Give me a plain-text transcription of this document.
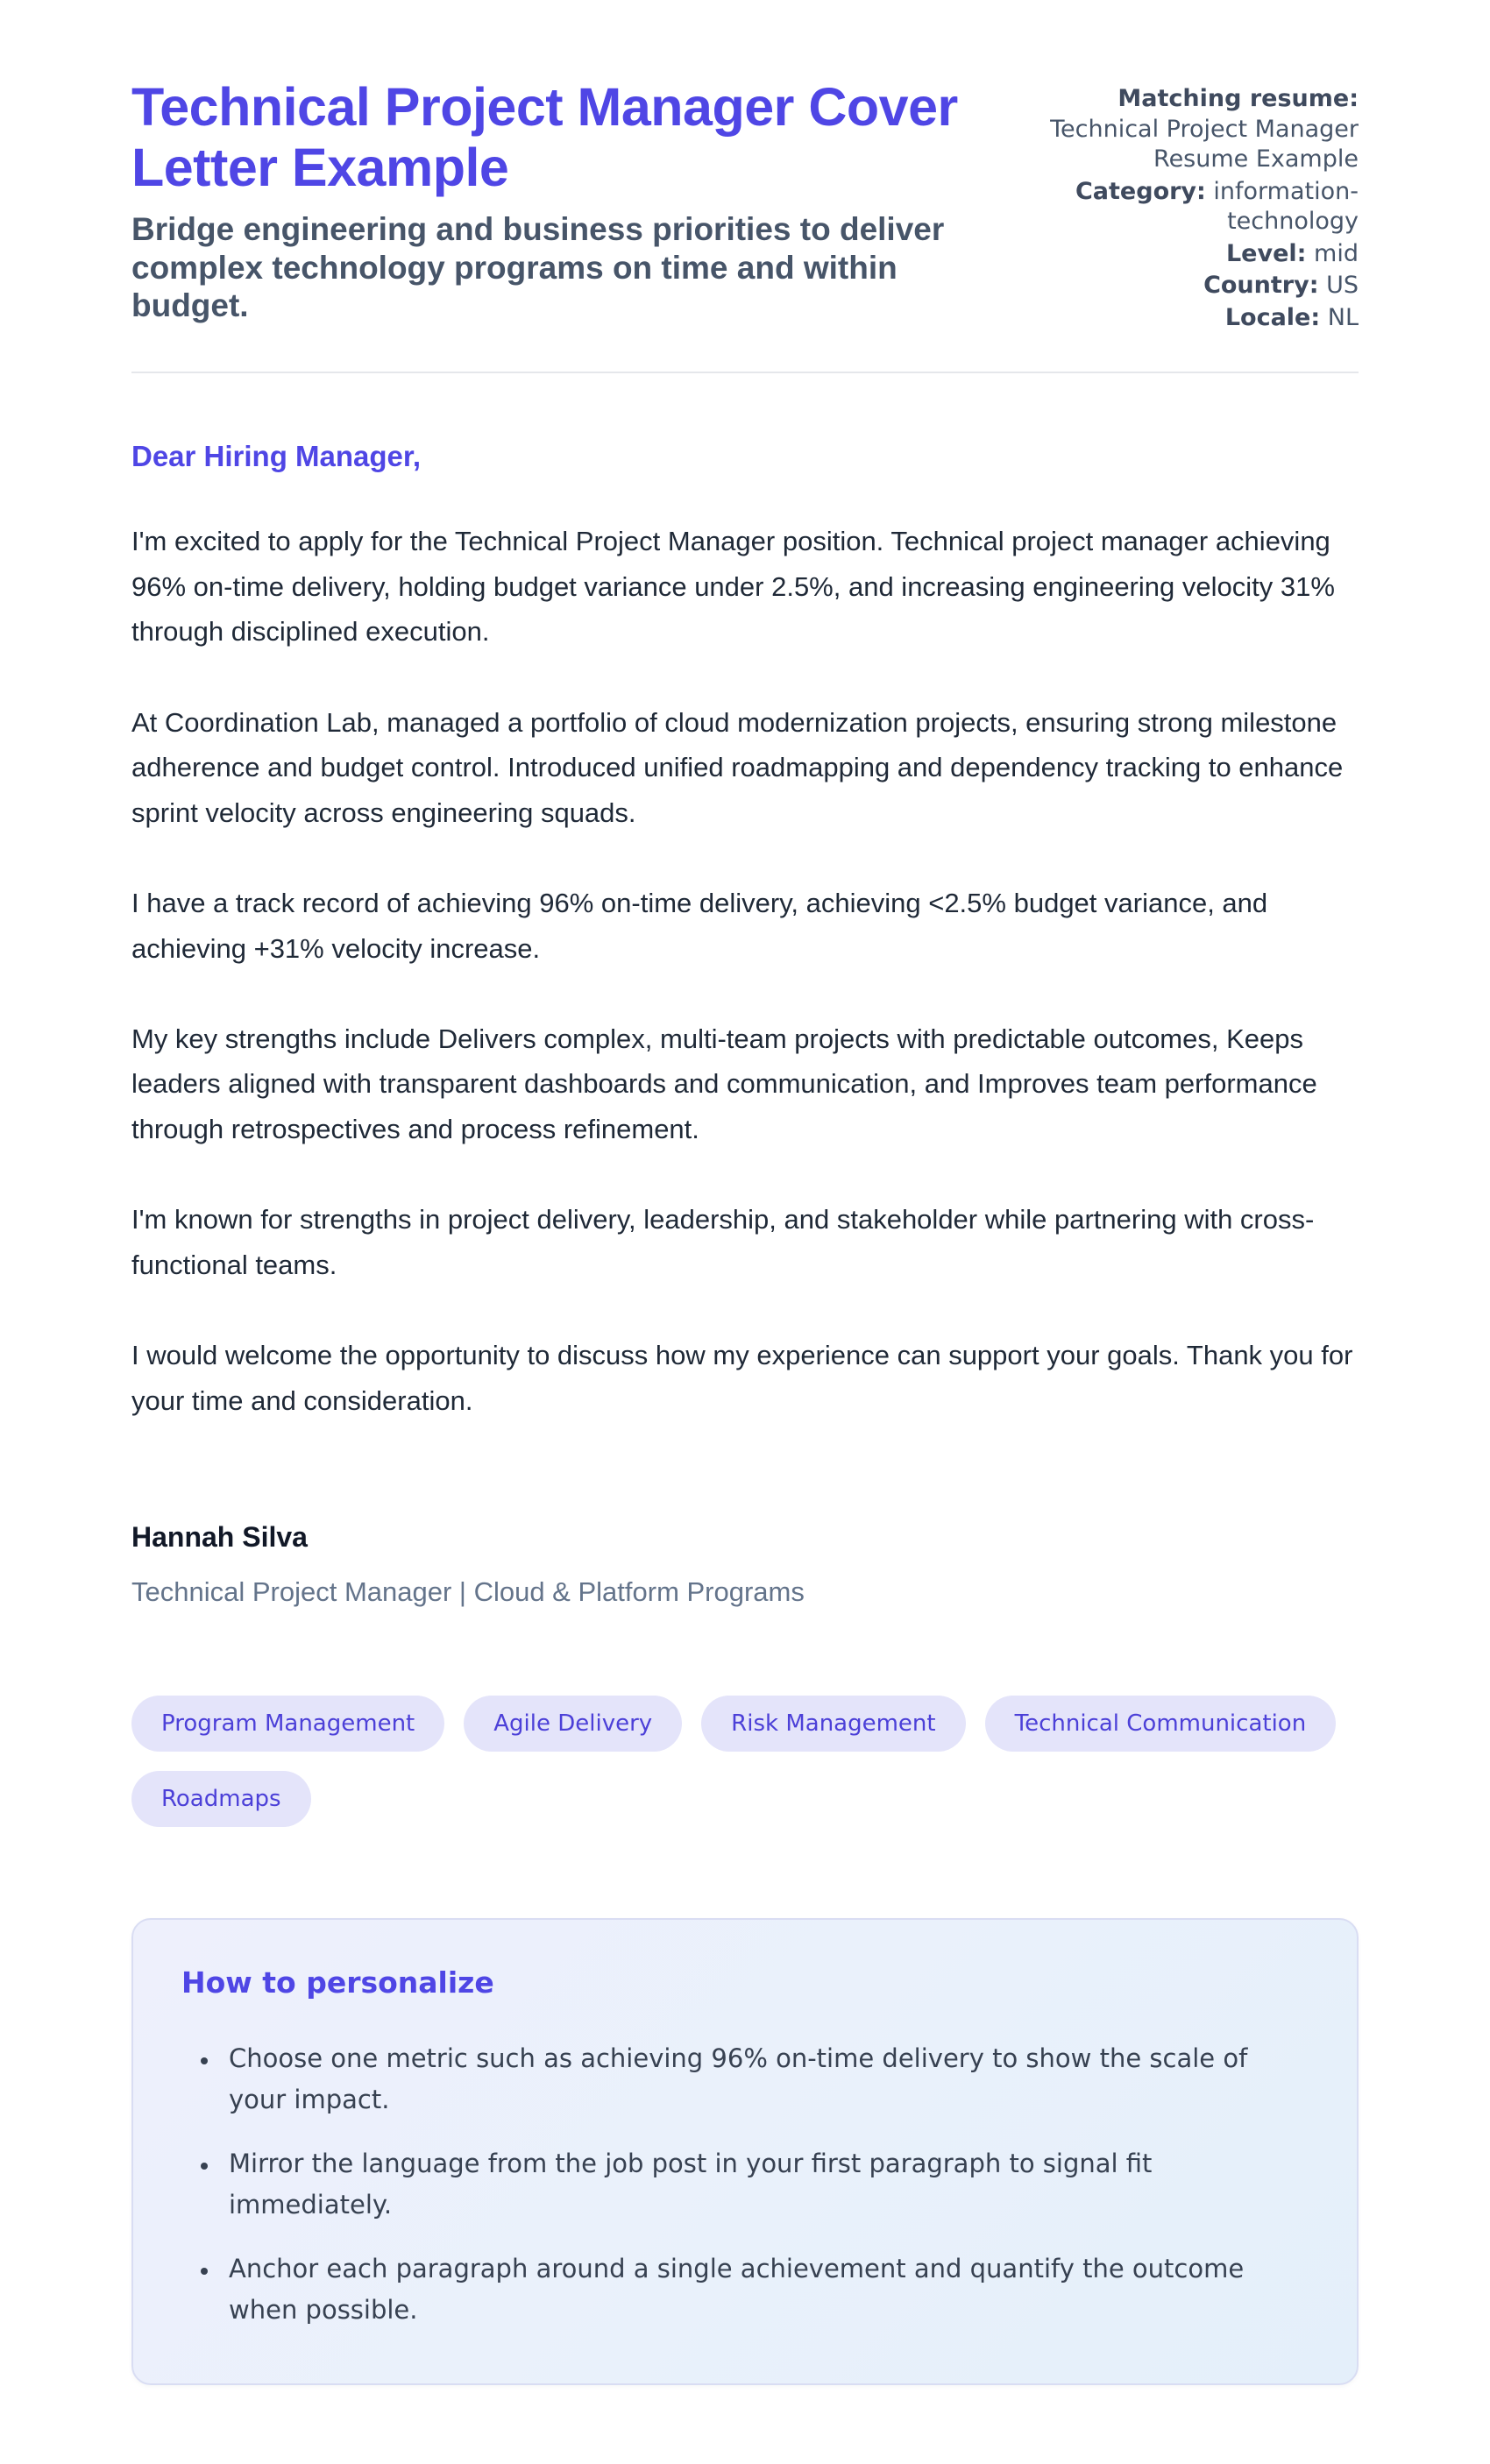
Technical Project Manager Cover Letter Example
Bridge engineering and business priorities to deliver complex technology programs on time and within budget.
Matching resume:
Technical Project Manager Resume Example
Category: information-technology
Level: mid
Country: US
Locale: NL
Dear Hiring Manager,

I'm excited to apply for the Technical Project Manager position. Technical project manager achieving 96% on-time delivery, holding budget variance under 2.5%, and increasing engineering velocity 31% through disciplined execution.

At Coordination Lab, managed a portfolio of cloud modernization projects, ensuring strong milestone adherence and budget control. Introduced unified roadmapping and dependency tracking to enhance sprint velocity across engineering squads.

I have a track record of achieving 96% on-time delivery, achieving <2.5% budget variance, and achieving +31% velocity increase.

My key strengths include Delivers complex, multi-team projects with predictable outcomes, Keeps leaders aligned with transparent dashboards and communication, and Improves team performance through retrospectives and process refinement.

I'm known for strengths in project delivery, leadership, and stakeholder while partnering with cross-functional teams.

I would welcome the opportunity to discuss how my experience can support your goals. Thank you for your time and consideration.

Hannah Silva
Technical Project Manager | Cloud & Platform Programs
Program Management	Agile Delivery	Risk Management	Technical Communication
Roadmaps
How to personalize
• Choose one metric such as achieving 96% on-time delivery to show the scale of your impact.
• Mirror the language from the job post in your first paragraph to signal fit immediately.
• Anchor each paragraph around a single achievement and quantify the outcome when possible.
